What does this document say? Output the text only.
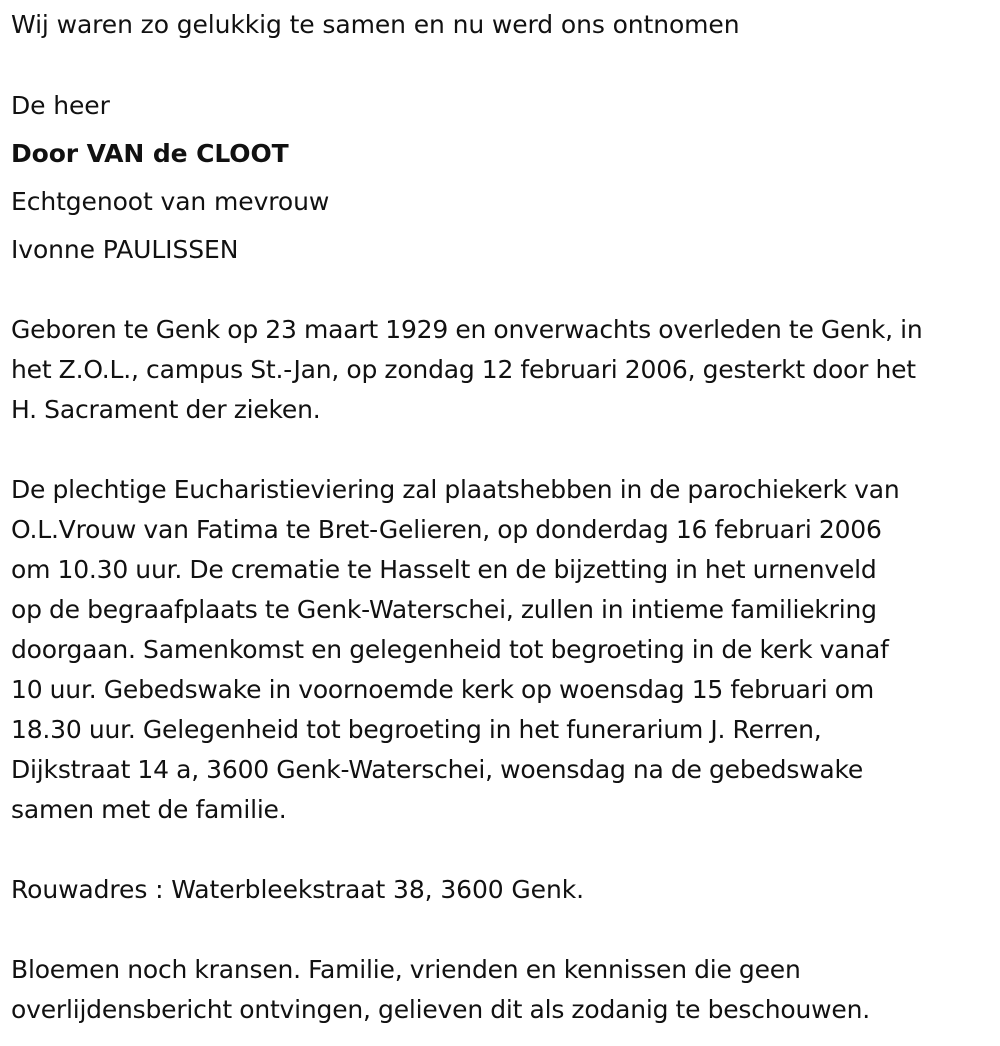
Wij waren zo gelukkig te samen en nu werd ons ontnomen
De heer
Door VAN de CLOOT
Echtgenoot van mevrouw
Ivonne PAULISSEN

Geboren te Genk op 23 maart 1929 en onverwachts overleden te Genk, in
het Z.O.L., campus St.-Jan, op zondag 12 februari 2006, gesterkt door het
H. Sacrament der zieken.

De plechtige Eucharistieviering zal plaatshebben in de parochiekerk van
O.L.Vrouw van Fatima te Bret-Gelieren, op donderdag 16 februari 2006
om 10.30 uur. De crematie te Hasselt en de bijzetting in het urnenveld
op de begraafplaats te Genk-Waterschei, zullen in intieme familiekring
doorgaan. Samenkomst en gelegenheid tot begroeting in de kerk vanaf
10 uur. Gebedswake in voornoemde kerk op woensdag 15 februari om
18.30 uur. Gelegenheid tot begroeting in het funerarium J. Rerren,
Dijkstraat 14 a, 3600 Genk-Waterschei, woensdag na de gebedswake
samen met de familie.

Rouwadres : Waterbleekstraat 38, 3600 Genk.

Bloemen noch kransen. Familie, vrienden en kennissen die geen
overlijdensbericht ontvingen, gelieven dit als zodanig te beschouwen.
